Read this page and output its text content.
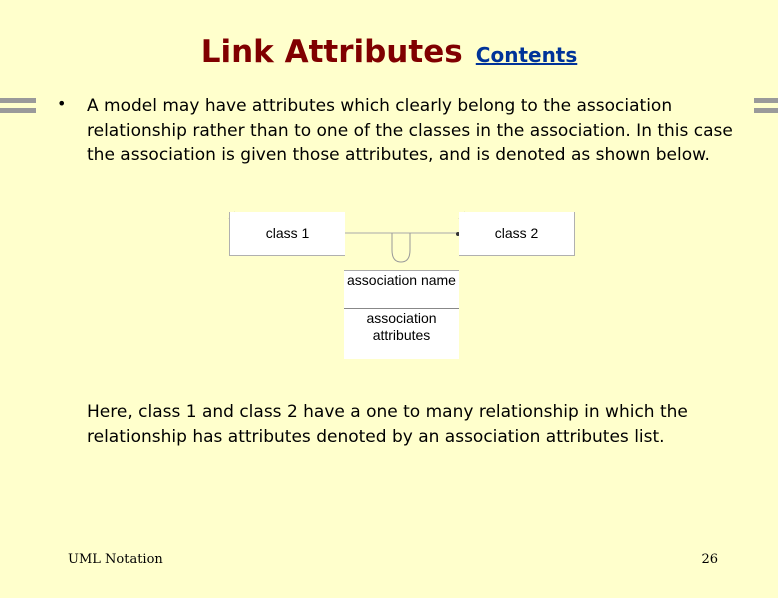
Link Attributes Contents
• A model may have attributes which clearly belong to the association relationship rather than to one of the classes in the association. In this case the association is given those attributes, and is denoted as shown below.
class 1	class 2
association name
association attributes
Here, class 1 and class 2 have a one to many relationship in which the relationship has attributes denoted by an association attributes list.
UML Notation	26
